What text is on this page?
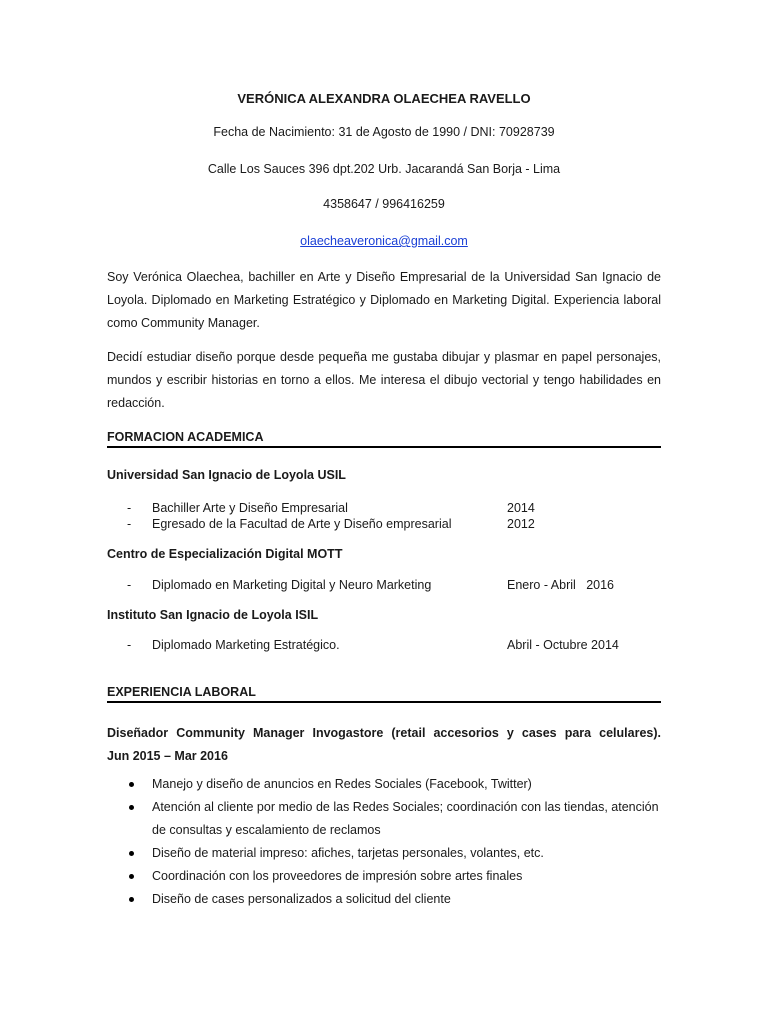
VERÓNICA ALEXANDRA OLAECHEA RAVELLO
Fecha de Nacimiento: 31 de Agosto de 1990 / DNI: 70928739
Calle Los Sauces 396 dpt.202 Urb. Jacarandá San Borja - Lima
4358647 / 996416259
olaecheaveronica@gmail.com
Soy Verónica Olaechea, bachiller en Arte y Diseño Empresarial de la Universidad San Ignacio de Loyola. Diplomado en Marketing Estratégico y Diplomado en Marketing Digital. Experiencia laboral como Community Manager.
Decidí estudiar diseño porque desde pequeña me gustaba dibujar y plasmar en papel personajes, mundos y escribir historias en torno a ellos. Me interesa el dibujo vectorial y tengo habilidades en redacción.
FORMACION ACADEMICA
Universidad San Ignacio de Loyola USIL
- Bachiller Arte y Diseño Empresarial	2014
- Egresado de la Facultad de Arte y Diseño empresarial	2012
Centro de Especialización Digital MOTT
- Diplomado en Marketing Digital y Neuro Marketing	Enero - Abril   2016
Instituto San Ignacio de Loyola ISIL
- Diplomado Marketing Estratégico.	Abril - Octubre 2014
EXPERIENCIA LABORAL
Diseñador Community Manager Invogastore (retail accesorios y cases para celulares).
Jun 2015 – Mar 2016
Manejo y diseño de anuncios en Redes Sociales (Facebook, Twitter)
Atención al cliente por medio de las Redes Sociales; coordinación con las tiendas, atención de consultas y escalamiento de reclamos
Diseño de material impreso: afiches, tarjetas personales, volantes, etc.
Coordinación con los proveedores de impresión sobre artes finales
Diseño de cases personalizados a solicitud del cliente
